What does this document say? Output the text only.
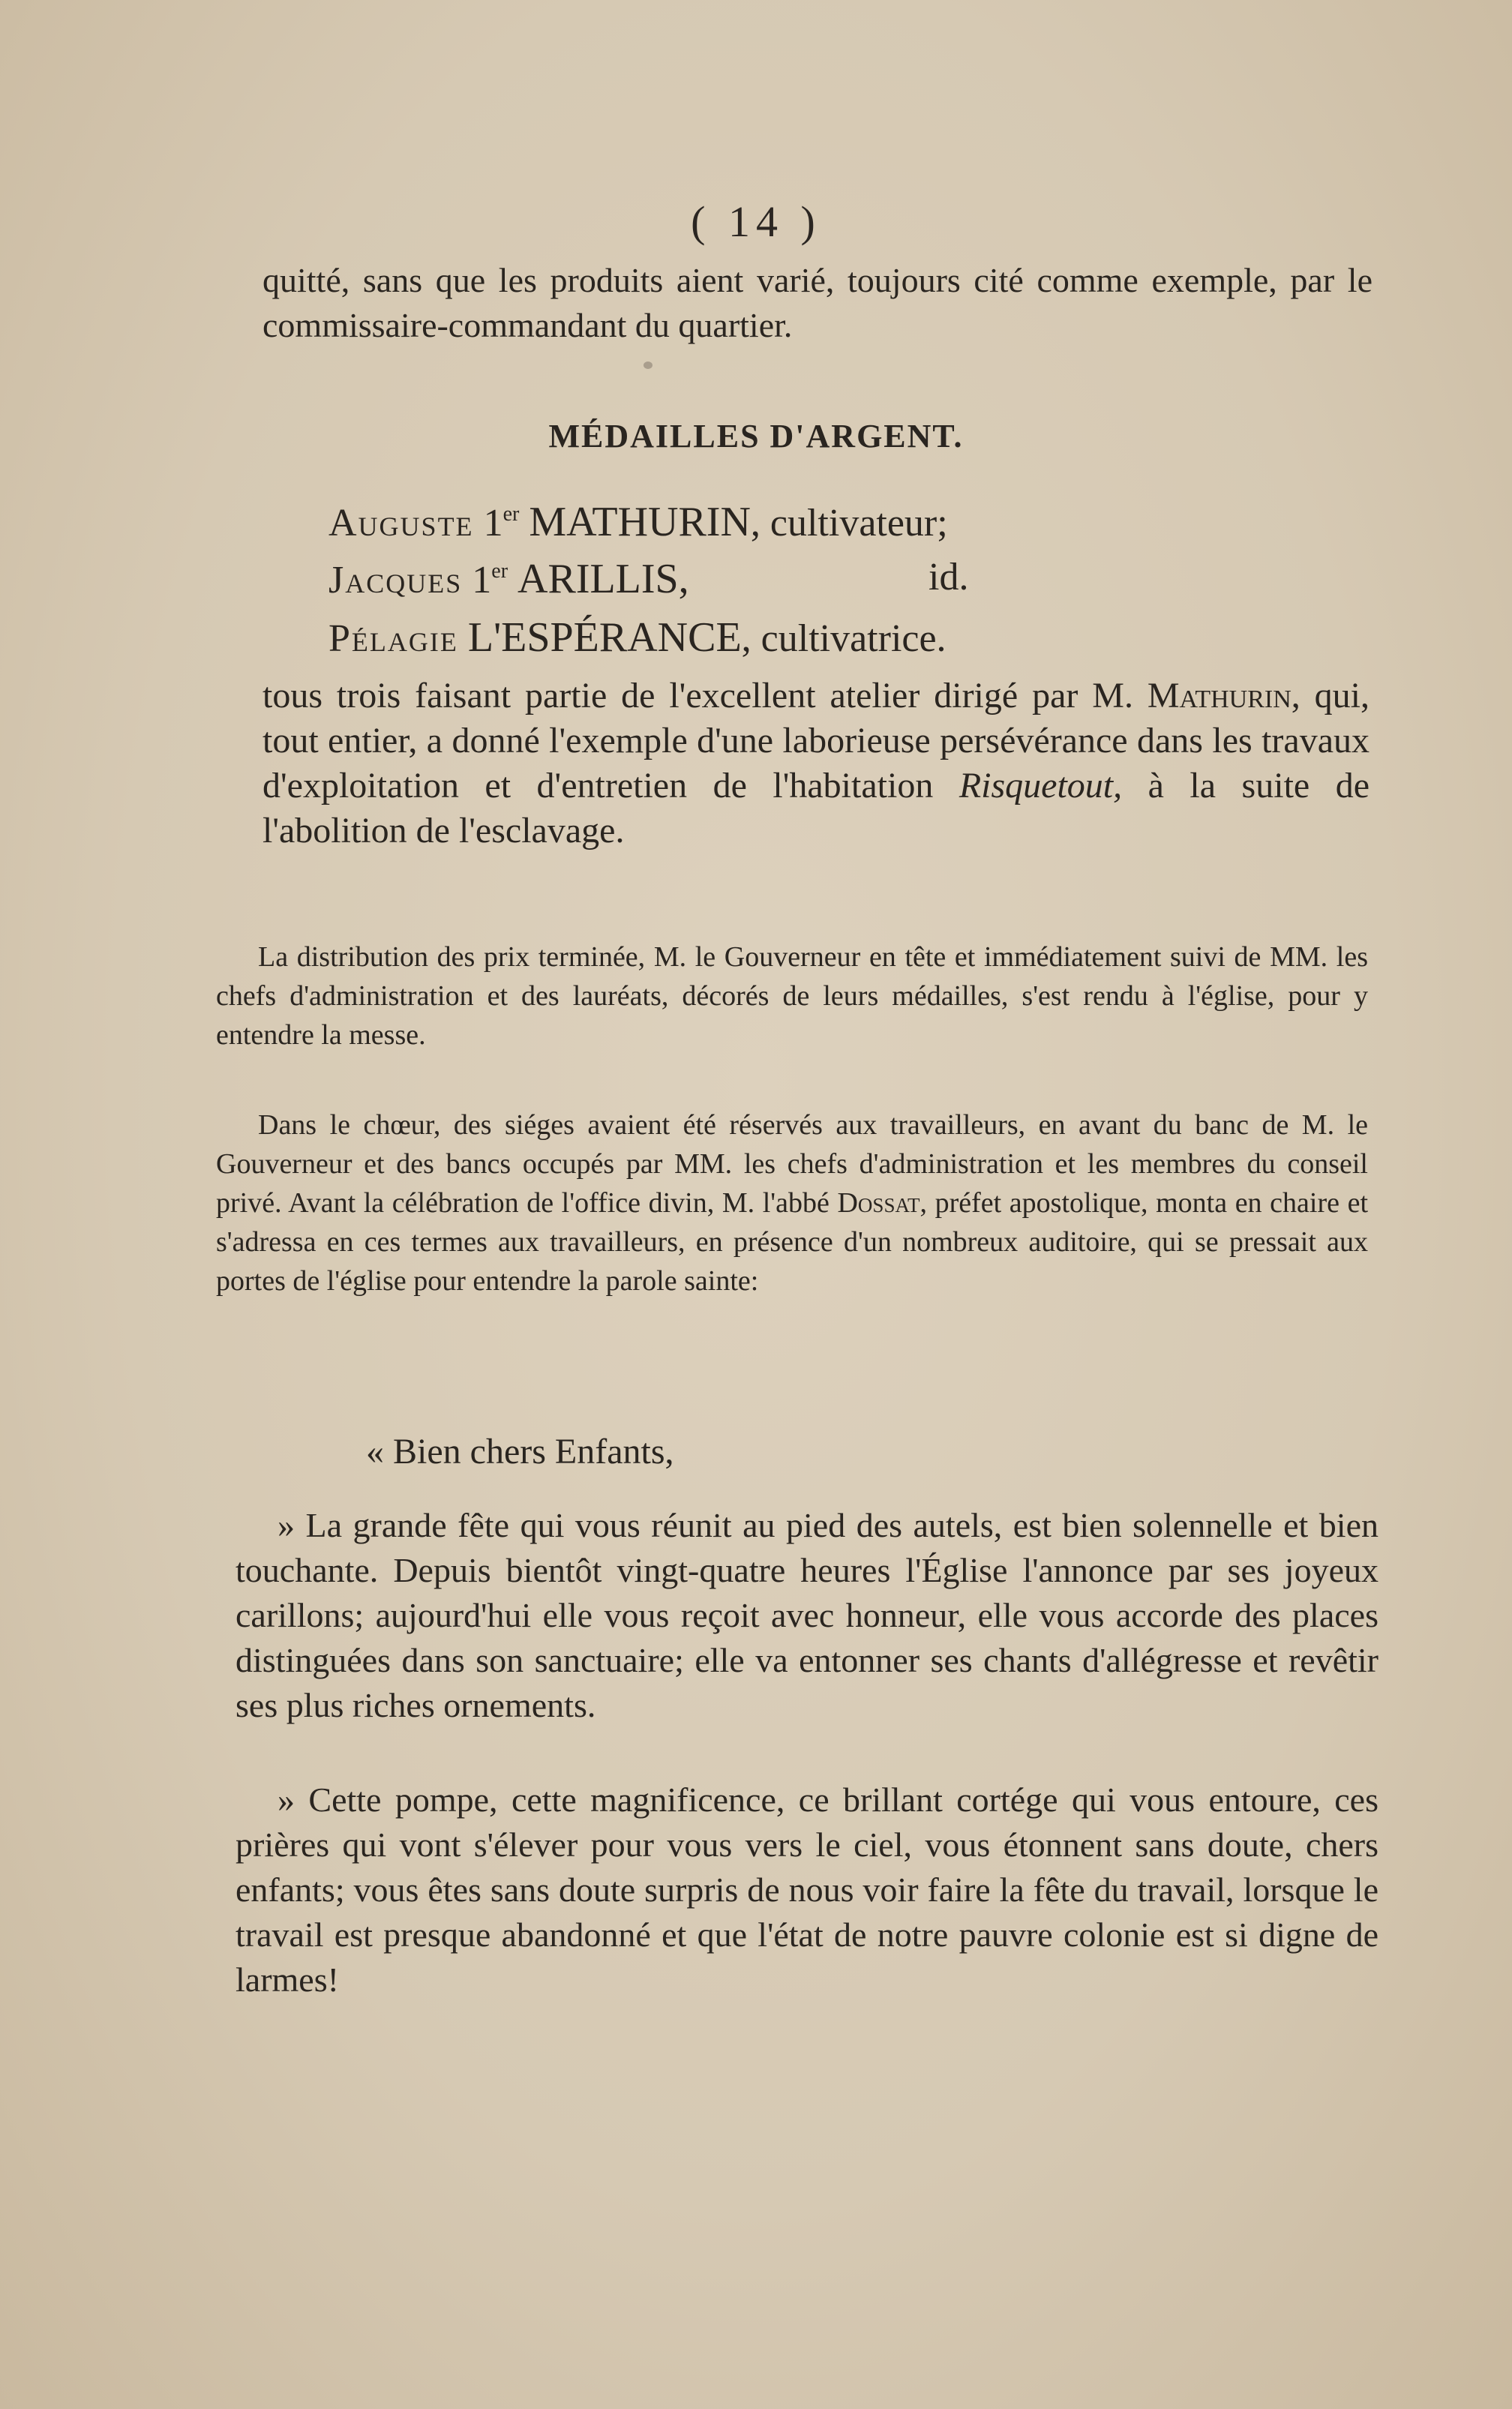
( 14 )

quitté, sans que les produits aient varié, toujours cité comme exemple, par le commissaire-commandant du quartier.

MÉDAILLES D'ARGENT.
Auguste 1er MATHURIN, cultivateur;
Jacques 1er ARILLIS,	id.
Pélagie L'ESPÉRANCE, cultivatrice.

tous trois faisant partie de l'excellent atelier dirigé par M. Mathurin, qui, tout entier, a donné l'exemple d'une laborieuse persévérance dans les travaux d'exploitation et d'entretien de l'habitation Risquetout, à la suite de l'abolition de l'esclavage.

La distribution des prix terminée, M. le Gouverneur en tête et immédiatement suivi de MM. les chefs d'administration et des lauréats, décorés de leurs médailles, s'est rendu à l'église, pour y entendre la messe.

Dans le chœur, des siéges avaient été réservés aux travailleurs, en avant du banc de M. le Gouverneur et des bancs occupés par MM. les chefs d'administration et les membres du conseil privé. Avant la célébration de l'office divin, M. l'abbé Dossat, préfet apostolique, monta en chaire et s'adressa en ces termes aux travailleurs, en présence d'un nombreux auditoire, qui se pressait aux portes de l'église pour entendre la parole sainte:

« Bien chers Enfants,

» La grande fête qui vous réunit au pied des autels, est bien solennelle et bien touchante. Depuis bientôt vingt-quatre heures l'Église l'annonce par ses joyeux carillons; aujourd'hui elle vous reçoit avec honneur, elle vous accorde des places distinguées dans son sanctuaire; elle va entonner ses chants d'allégresse et revêtir ses plus riches ornements.

» Cette pompe, cette magnificence, ce brillant cortége qui vous entoure, ces prières qui vont s'élever pour vous vers le ciel, vous étonnent sans doute, chers enfants; vous êtes sans doute surpris de nous voir faire la fête du travail, lorsque le travail est presque abandonné et que l'état de notre pauvre colonie est si digne de larmes!
